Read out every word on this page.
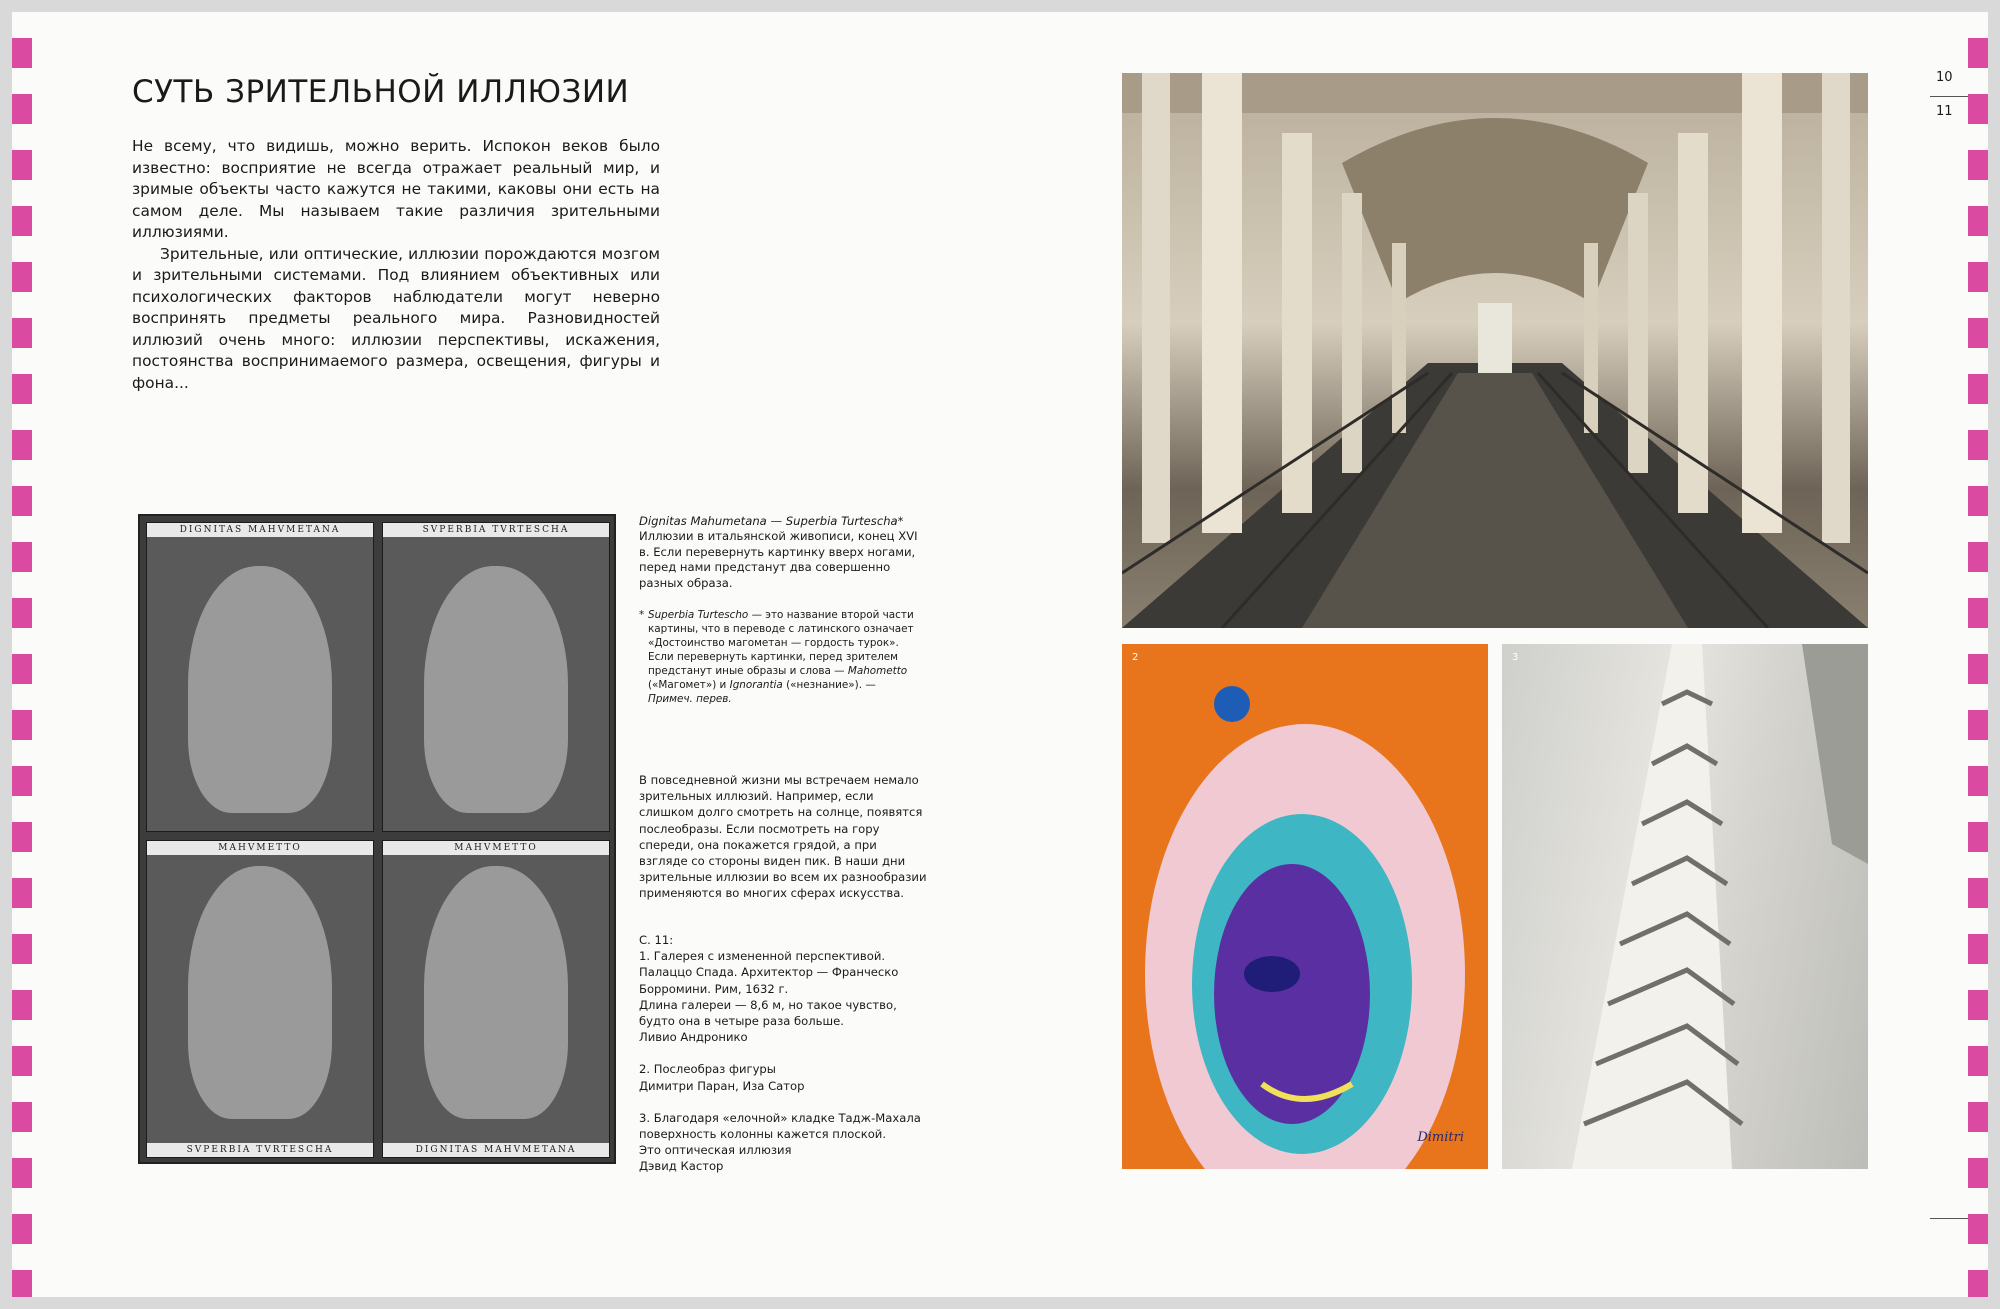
СУТЬ ЗРИТЕЛЬНОЙ ИЛЛЮЗИИ

Не всему, что видишь, можно верить. Испокон веков было известно: восприятие не всегда отражает реальный мир, и зримые объекты часто кажутся не такими, каковы они есть на самом деле. Мы называем такие различия зрительными иллюзиями.

Зрительные, или оптические, иллюзии порождаются мозгом и зрительными системами. Под влиянием объективных или психологических факторов наблюдатели могут неверно воспринять предметы реального мира. Разновидностей иллюзий очень много: иллюзии перспективы, искажения, постоянства воспринимаемого размера, освещения, фигуры и фона...

DIGNITAS MAHVMETANA	SVPERBIA TVRTESCHA
MAHVMETTO
SVPERBIA TVRTESCHA
MAHVMETTO
DIGNITAS MAHVMETANA
Dignitas Mahumetana — Superbia Turtescha*
Иллюзии в итальянской живописи, конец XVI в. Если перевернуть картинку вверх ногами, перед нами предстанут два совершенно разных образа.
* Superbia Turtescho — это название второй части картины, что в переводе с латинского означает «Достоинство магометан — гордость турок». Если перевернуть картинки, перед зрителем предстанут иные образы и слова — Mahometto («Магомет») и Ignorantia («незнание»). — Примеч. перев.
В повседневной жизни мы встречаем немало зрительных иллюзий. Например, если слишком долго смотреть на солнце, появятся послеобразы. Если посмотреть на гору спереди, она покажется грядой, а при взгляде со стороны виден пик. В наши дни зрительные иллюзии во всем их разнообразии применяются во многих сферах искусства.

С. 11:
1. Галерея с измененной перспективой. Палаццо Спада. Архитектор — Франческо Борромини. Рим, 1632 г.
Длина галереи — 8,6 м, но такое чувство, будто она в четыре раза больше.
Ливио Андронико

2. Послеобраз фигуры
Димитри Паран, Иза Сатор

3. Благодаря «елочной» кладке Тадж-Махала поверхность колонны кажется плоской.
Это оптическая иллюзия
Дэвид Кастор

2
Dimitri
3
10
11
